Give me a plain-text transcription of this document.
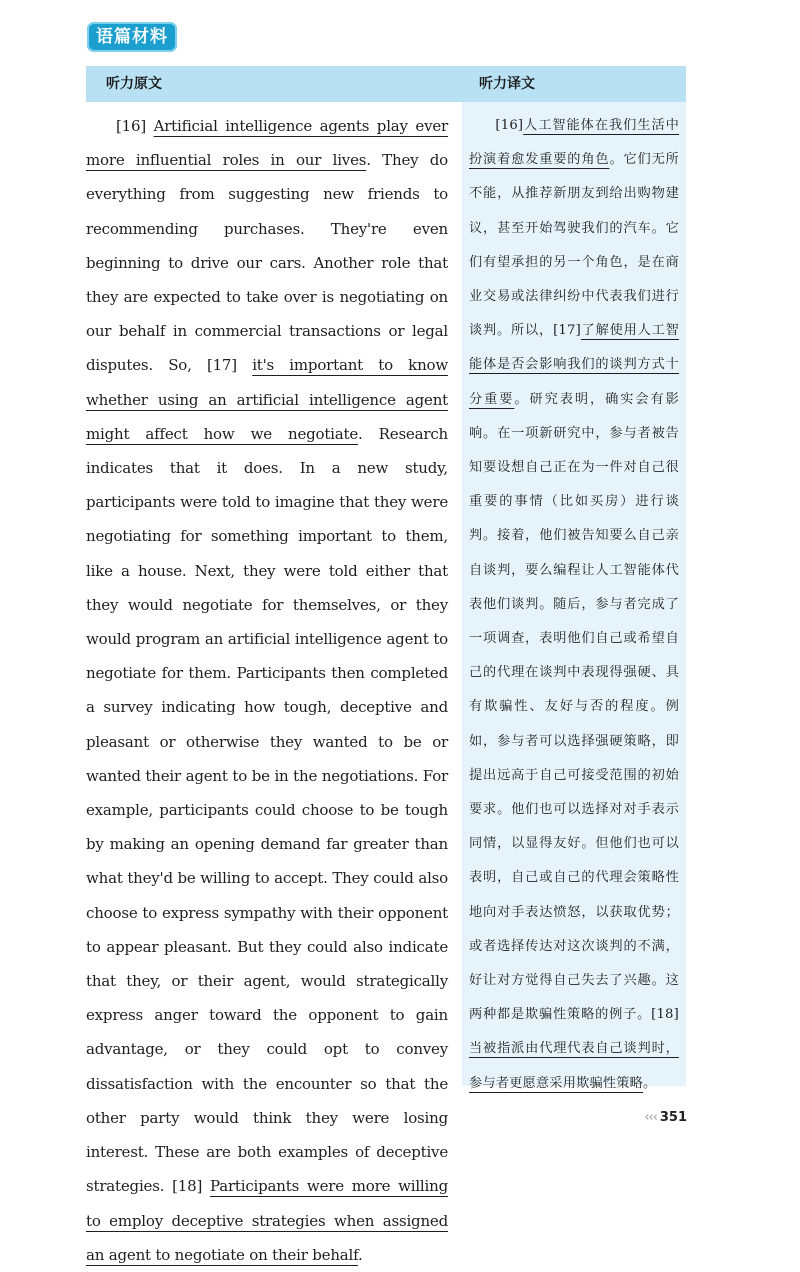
语篇材料
听力原文	听力译文

[16] Artificial intelligence agents play ever more influential roles in our lives. They do everything from suggesting new friends to recommending purchases. They're even beginning to drive our cars. Another role that they are expected to take over is negotiating on our behalf in commercial transactions or legal disputes. So, [17] it's important to know whether using an artificial intelligence agent might affect how we negotiate. Research indicates that it does. In a new study, participants were told to imagine that they were negotiating for something important to them, like a house. Next, they were told either that they would negotiate for themselves, or they would program an artificial intelligence agent to negotiate for them. Participants then completed a survey indicating how tough, deceptive and pleasant or otherwise they wanted to be or wanted their agent to be in the negotiations. For example, participants could choose to be tough by making an opening demand far greater than what they'd be willing to accept. They could also choose to express sympathy with their opponent to appear pleasant. But they could also indicate that they, or their agent, would strategically express anger toward the opponent to gain advantage, or they could opt to convey dissatisfaction with the encounter so that the other party would think they were losing interest. These are both examples of deceptive strategies. [18] Participants were more willing to employ deceptive strategies when assigned an agent to negotiate on their behalf.

[16]人工智能体在我们生活中扮演着愈发重要的角色。它们无所不能，从推荐新朋友到给出购物建议，甚至开始驾驶我们的汽车。它们有望承担的另一个角色，是在商业交易或法律纠纷中代表我们进行谈判。所以，[17]了解使用人工智能体是否会影响我们的谈判方式十分重要。研究表明，确实会有影响。在一项新研究中，参与者被告知要设想自己正在为一件对自己很重要的事情（比如买房）进行谈判。接着，他们被告知要么自己亲自谈判，要么编程让人工智能体代表他们谈判。随后，参与者完成了一项调查，表明他们自己或希望自己的代理在谈判中表现得强硬、具有欺骗性、友好与否的程度。例如，参与者可以选择强硬策略，即提出远高于自己可接受范围的初始要求。他们也可以选择对对手表示同情，以显得友好。但他们也可以表明，自己或自己的代理会策略性地向对手表达愤怒，以获取优势；或者选择传达对这次谈判的不满，好让对方觉得自己失去了兴趣。这两种都是欺骗性策略的例子。[18]当被指派由代理代表自己谈判时，参与者更愿意采用欺骗性策略。

‹‹‹ 351
